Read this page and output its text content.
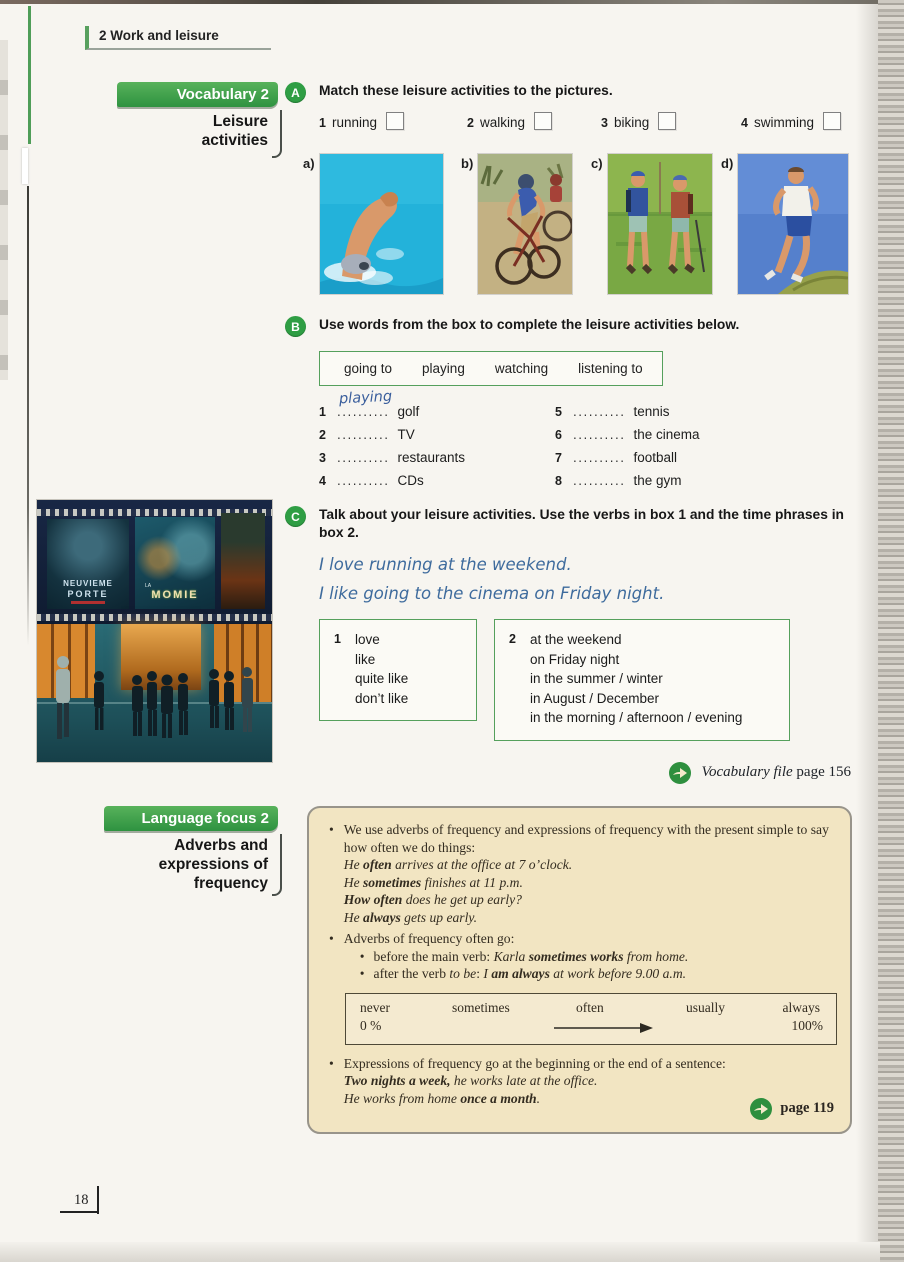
2 Work and leisure
Vocabulary 2
Leisure
activities
A	Match these leisure activities to the pictures.
1 running	2 walking	3 biking	4 swimming
a)	b)	c)	d)
B	Use words from the box to complete the leisure activities below.
going to playing watching listening to
1
playing
.......... golf
2 .......... TV
3 .......... restaurants
4 .......... CDs
5 .......... tennis
6 .......... the cinema
7 .......... football
8 .......... the gym
C	Talk about your leisure activities. Use the verbs in box 1 and the time phrases in box 2.
I love running at the weekend.
I like going to the cinema on Friday night.
1 love
like
quite like
don’t like
2 at the weekend
on Friday night
in the summer / winter
in August / December
in the morning / afternoon / evening
Vocabulary file page 156
NEUVIEME
PORTE
LA
MOMIE
Language focus 2
Adverbs and
expressions of
frequency
• We use adverbs of frequency and expressions of frequency with the present simple to say how often we do things:
He often arrives at the office at 7 o’clock.
He sometimes finishes at 11 p.m.
How often does he get up early?
He always gets up early.
• Adverbs of frequency often go:
• before the main verb: Karla sometimes works from home.
• after the verb to be: I am always at work before 9.00 a.m.
never
0 %
sometimes	often	usually	always
100%
• Expressions of frequency go at the beginning or the end of a sentence:
Two nights a week, he works late at the office.
He works from home once a month.
page 119
18
